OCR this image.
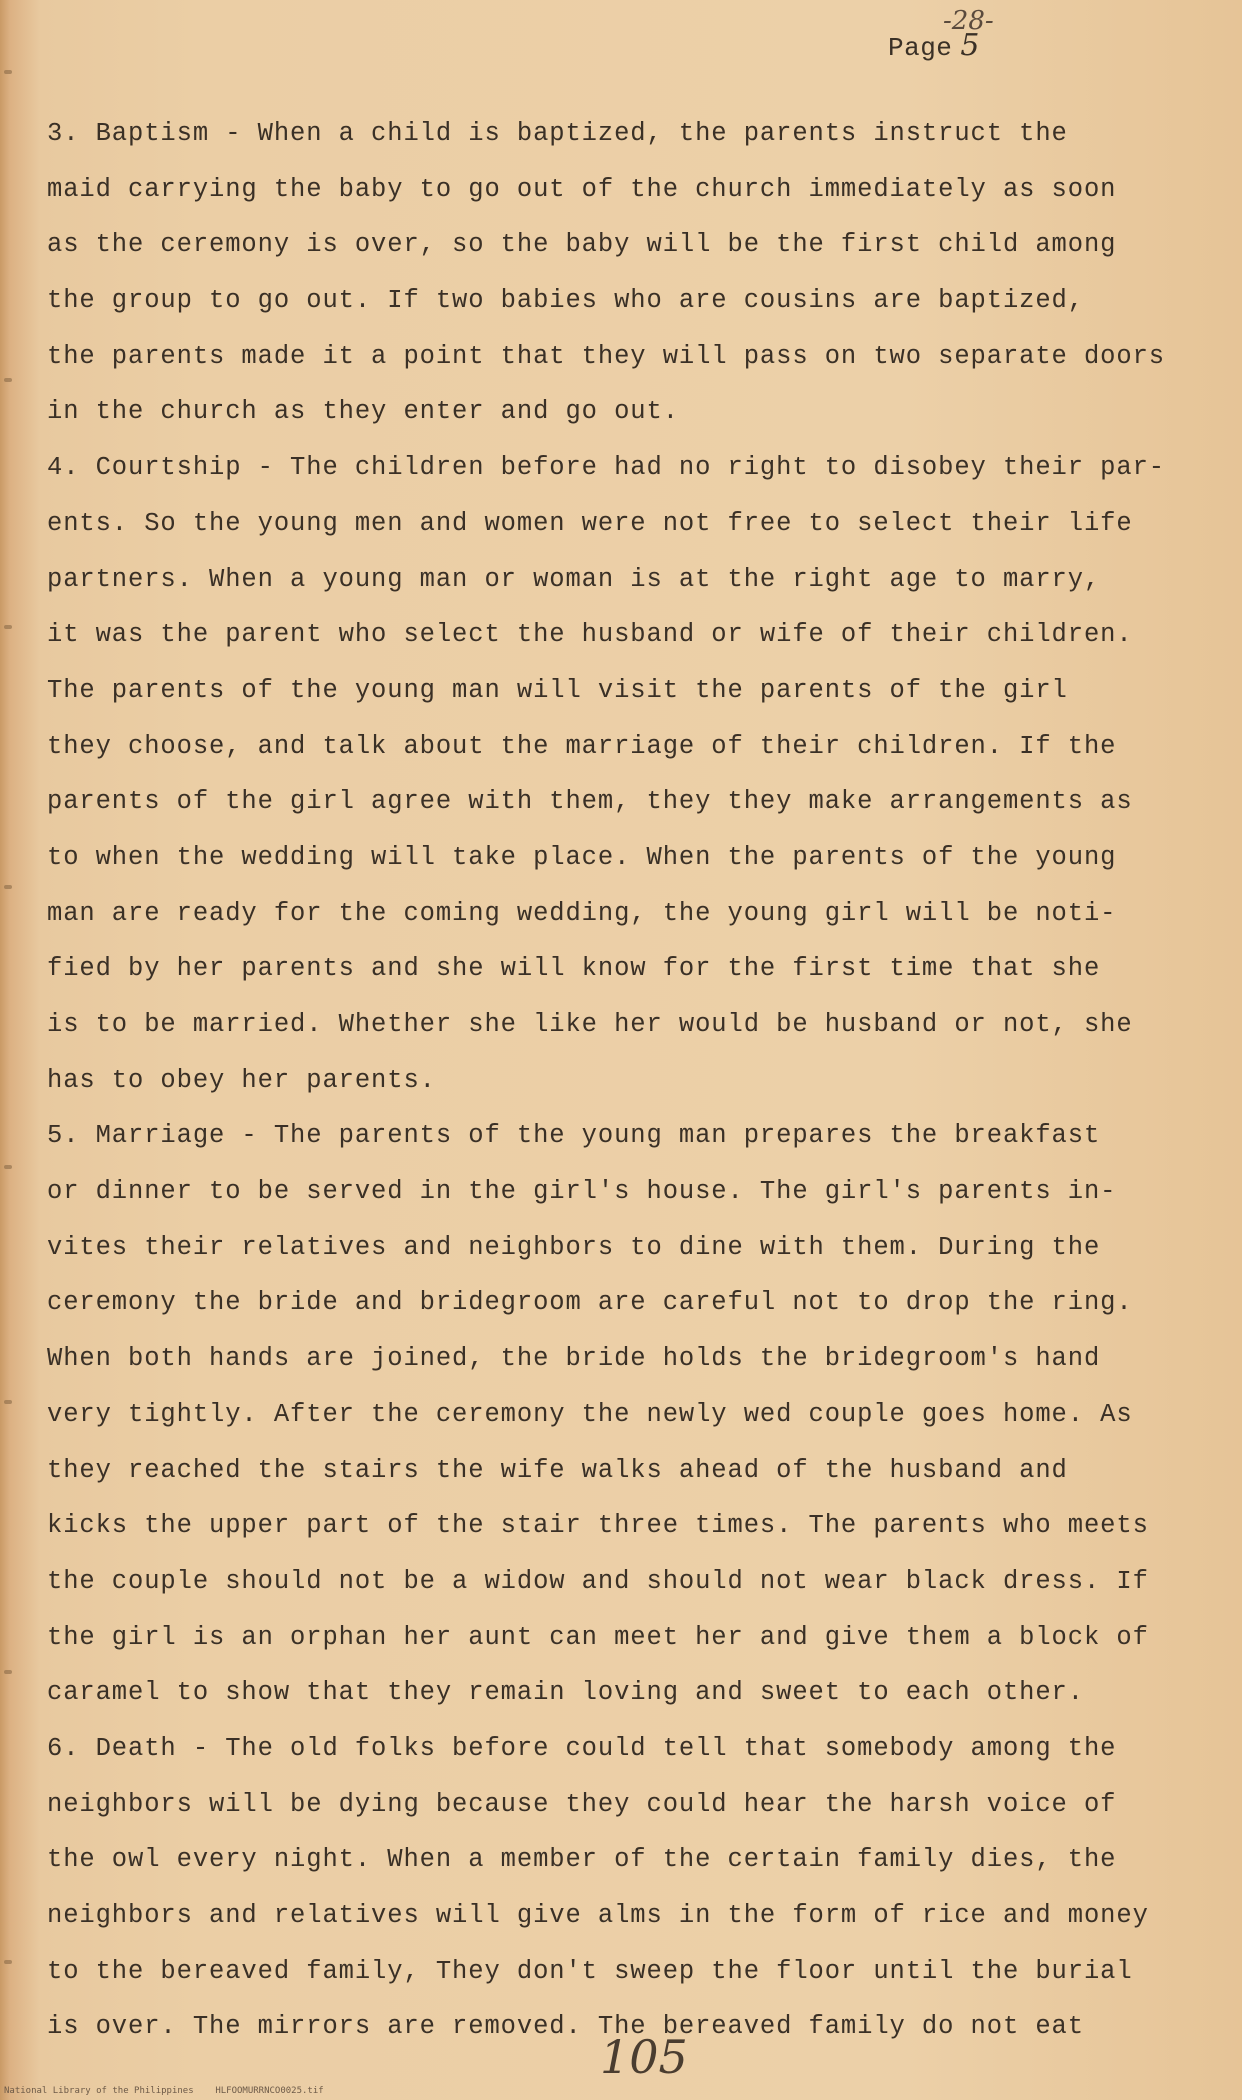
-28-
Page 5
3. Baptism - When a child is baptized, the parents instruct the
maid carrying the baby to go out of the church immediately as soon
as the ceremony is over, so the baby will be the first child among
the group to go out. If two babies who are cousins are baptized,
the parents made it a point that they will pass on two separate doors
in the church as they enter and go out.
4. Courtship - The children before had no right to disobey their par-
ents. So the young men and women were not free to select their life
partners. When a young man or woman is at the right age to marry,
it was the parent who select the husband or wife of their children.
The parents of the young man will visit the parents of the girl
they choose, and talk about the marriage of their children. If the
parents of the girl agree with them, they they make arrangements as
to when the wedding will take place. When the parents of the young
man are ready for the coming wedding, the young girl will be noti-
fied by her parents and she will know for the first time that she
is to be married. Whether she like her would be husband or not, she
has to obey her parents.
5. Marriage - The parents of the young man prepares the breakfast
or dinner to be served in the girl's house. The girl's parents in-
vites their relatives and neighbors to dine with them. During the
ceremony the bride and bridegroom are careful not to drop the ring.
When both hands are joined, the bride holds the bridegroom's hand
very tightly. After the ceremony the newly wed couple goes home. As
they reached the stairs the wife walks ahead of the husband and
kicks the upper part of the stair three times. The parents who meets
the couple should not be a widow and should not wear black dress. If
the girl is an orphan her aunt can meet her and give them a block of
caramel to show that they remain loving and sweet to each other.
6. Death - The old folks before could tell that somebody among the
neighbors will be dying because they could hear the harsh voice of
the owl every night. When a member of the certain family dies, the
neighbors and relatives will give alms in the form of rice and money
to the bereaved family, They don't sweep the floor until the burial
is over. The mirrors are removed. The bereaved family do not eat
105
National Library of the Philippines    HLFOOMURRNCO0025.tif
